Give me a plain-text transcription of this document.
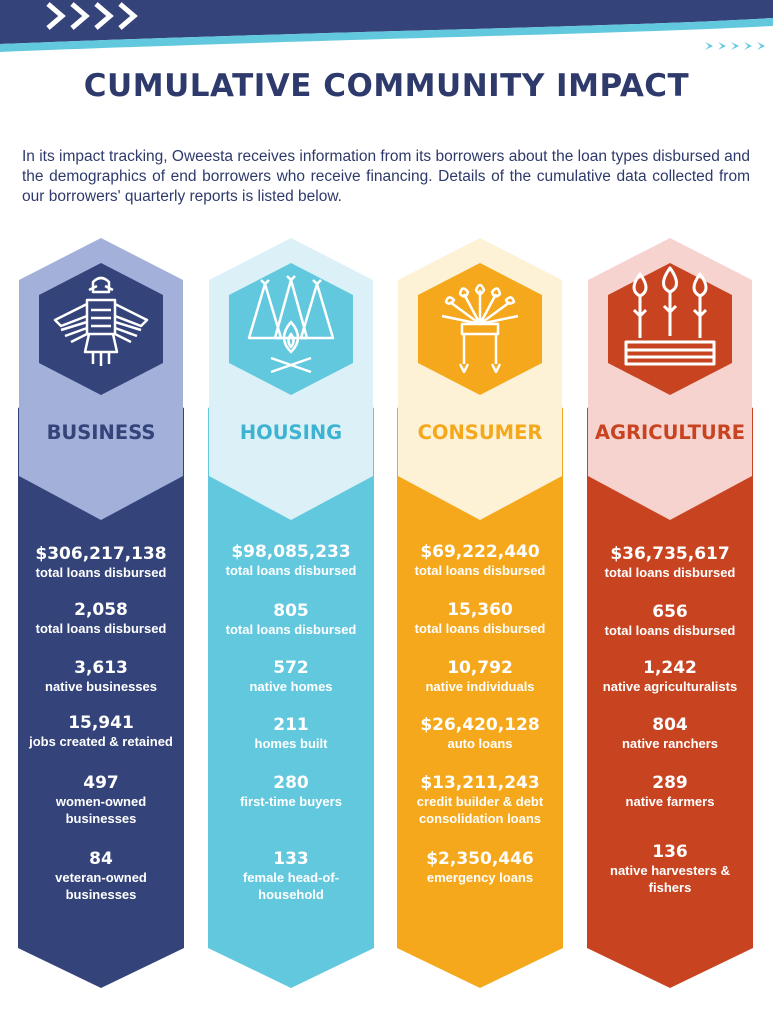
CUMULATIVE COMMUNITY IMPACT
In its impact tracking, Oweesta receives information from its borrowers about the loan types disbursed and the demographics of end borrowers who receive financing. Details of the cumulative data collected from our borrowers' quarterly reports is listed below.
BUSINESS
$306,217,138
total loans disbursed
2,058
total loans disbursed
3,613
native businesses
15,941
jobs created & retained
497
women-owned businesses
84
veteran-owned businesses
HOUSING
$98,085,233
total loans disbursed
805
total loans disbursed
572
native homes
211
homes built
280
first-time buyers
133
female head-of-household
CONSUMER
$69,222,440
total loans disbursed
15,360
total loans disbursed
10,792
native individuals
$26,420,128
auto loans
$13,211,243
credit builder & debt consolidation loans
$2,350,446
emergency loans
AGRICULTURE
$36,735,617
total loans disbursed
656
total loans disbursed
1,242
native agriculturalists
804
native ranchers
289
native farmers
136
native harvesters & fishers
